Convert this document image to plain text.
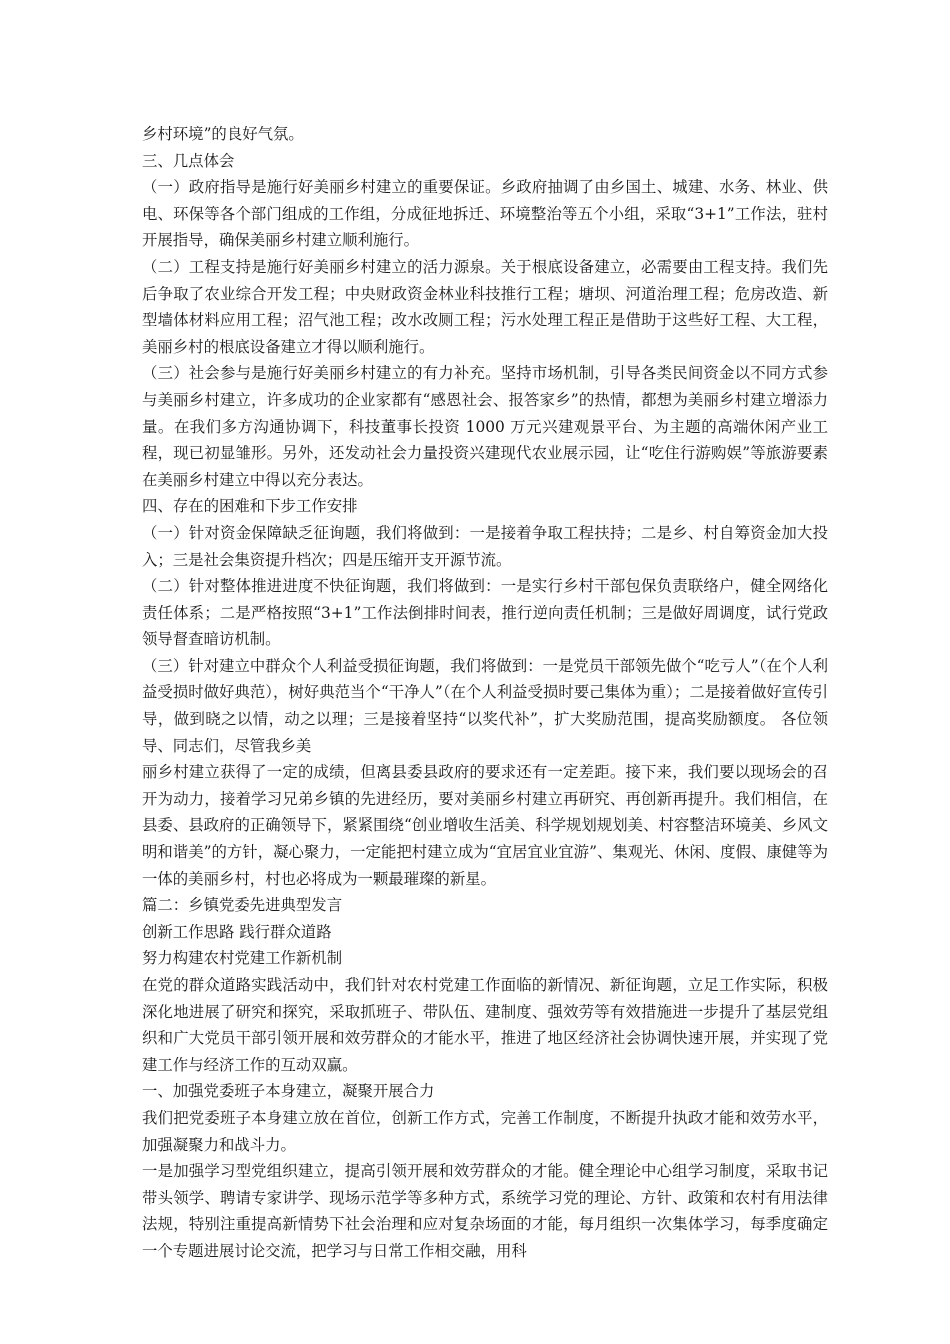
乡村环境”的良好气氛。

三、几点体会

（一）政府指导是施行好美丽乡村建立的重要保证。乡政府抽调了由乡国土、城建、水务、林业、供电、环保等各个部门组成的工作组，分成征地拆迁、环境整治等五个小组，采取“3+1”工作法，驻村开展指导，确保美丽乡村建立顺利施行。

（二）工程支持是施行好美丽乡村建立的活力源泉。关于根底设备建立，必需要由工程支持。我们先后争取了农业综合开发工程；中央财政资金林业科技推行工程；塘坝、河道治理工程；危房改造、新型墙体材料应用工程；沼气池工程；改水改厕工程；污水处理工程正是借助于这些好工程、大工程，美丽乡村的根底设备建立才得以顺利施行。

（三）社会参与是施行好美丽乡村建立的有力补充。坚持市场机制，引导各类民间资金以不同方式参与美丽乡村建立，许多成功的企业家都有“感恩社会、报答家乡”的热情，都想为美丽乡村建立增添力量。在我们多方沟通协调下，科技董事长投资 1000 万元兴建观景平台、为主题的高端休闲产业工程，现已初显雏形。另外，还发动社会力量投资兴建现代农业展示园，让“吃住行游购娱”等旅游要素在美丽乡村建立中得以充分表达。

四、存在的困难和下步工作安排

（一）针对资金保障缺乏征询题，我们将做到：一是接着争取工程扶持；二是乡、村自筹资金加大投入；三是社会集资提升档次；四是压缩开支开源节流。

（二）针对整体推进进度不快征询题，我们将做到：一是实行乡村干部包保负责联络户，健全网络化责任体系；二是严格按照“3+1”工作法倒排时间表，推行逆向责任机制；三是做好周调度，试行党政领导督查暗访机制。

（三）针对建立中群众个人利益受损征询题，我们将做到：一是党员干部领先做个“吃亏人”（在个人利益受损时做好典范），树好典范当个“干净人”（在个人利益受损时要己集体为重）；二是接着做好宣传引导，做到晓之以情，动之以理；三是接着坚持“以奖代补”，扩大奖励范围，提高奖励额度。 各位领导、同志们，尽管我乡美

丽乡村建立获得了一定的成绩，但离县委县政府的要求还有一定差距。接下来，我们要以现场会的召开为动力，接着学习兄弟乡镇的先进经历，要对美丽乡村建立再研究、再创新再提升。我们相信，在县委、县政府的正确领导下，紧紧围绕“创业增收生活美、科学规划规划美、村容整洁环境美、乡风文明和谐美”的方针，凝心聚力，一定能把村建立成为“宜居宜业宜游”、集观光、休闲、度假、康健等为一体的美丽乡村，村也必将成为一颗最璀璨的新星。

篇二：乡镇党委先进典型发言

创新工作思路 践行群众道路

努力构建农村党建工作新机制

在党的群众道路实践活动中，我们针对农村党建工作面临的新情况、新征询题，立足工作实际，积极深化地进展了研究和探究，采取抓班子、带队伍、建制度、强效劳等有效措施进一步提升了基层党组织和广大党员干部引领开展和效劳群众的才能水平，推进了地区经济社会协调快速开展，并实现了党建工作与经济工作的互动双赢。

一、加强党委班子本身建立，凝聚开展合力

我们把党委班子本身建立放在首位，创新工作方式，完善工作制度，不断提升执政才能和效劳水平，加强凝聚力和战斗力。

一是加强学习型党组织建立，提高引领开展和效劳群众的才能。健全理论中心组学习制度，采取书记带头领学、聘请专家讲学、现场示范学等多种方式，系统学习党的理论、方针、政策和农村有用法律法规，特别注重提高新情势下社会治理和应对复杂场面的才能，每月组织一次集体学习，每季度确定一个专题进展讨论交流，把学习与日常工作相交融，用科
